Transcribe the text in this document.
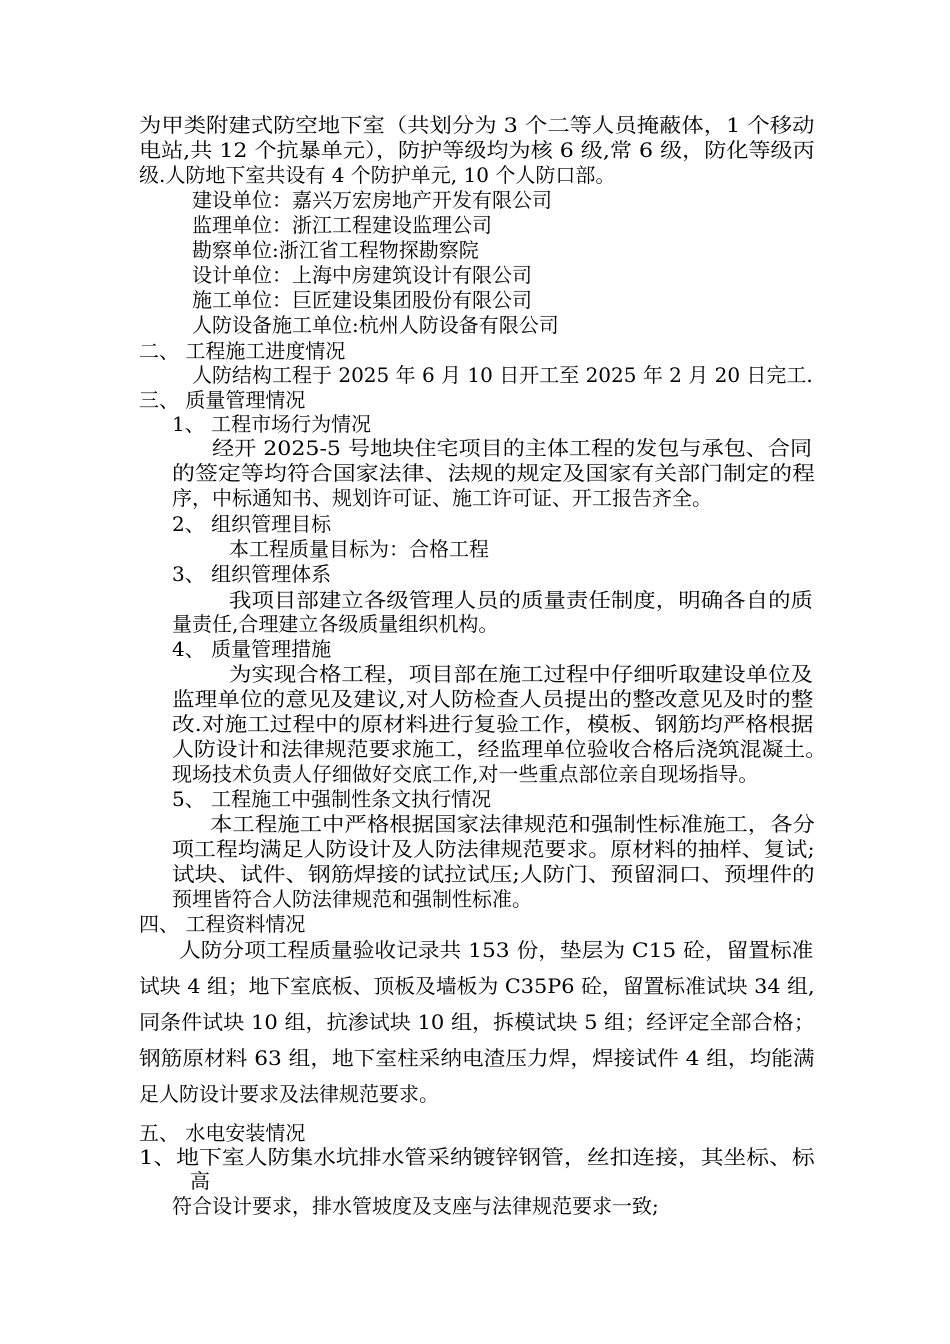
为甲类附建式防空地下室（共划分为 3 个二等人员掩蔽体，1 个移动
电站,共 12 个抗暴单元），防护等级均为核 6 级,常 6 级，防化等级丙
级.人防地下室共设有 4 个防护单元, 10 个人防口部。
建设单位：嘉兴万宏房地产开发有限公司
监理单位：浙江工程建设监理公司
勘察单位:浙江省工程物探勘察院
设计单位：上海中房建筑设计有限公司
施工单位：巨匠建设集团股份有限公司
人防设备施工单位:杭州人防设备有限公司
二、 工程施工进度情况
人防结构工程于 2025 年 6 月 10 日开工至 2025 年 2 月 20 日完工.
三、 质量管理情况
1、 工程市场行为情况
经开 2025-5 号地块住宅项目的主体工程的发包与承包、合同
的签定等均符合国家法律、法规的规定及国家有关部门制定的程
序，中标通知书、规划许可证、施工许可证、开工报告齐全。
2、 组织管理目标
本工程质量目标为：合格工程
3、 组织管理体系
我项目部建立各级管理人员的质量责任制度，明确各自的质
量责任,合理建立各级质量组织机构。
4、 质量管理措施
为实现合格工程，项目部在施工过程中仔细听取建设单位及
监理单位的意见及建议,对人防检查人员提出的整改意见及时的整
改.对施工过程中的原材料进行复验工作，模板、钢筋均严格根据
人防设计和法律规范要求施工，经监理单位验收合格后浇筑混凝土。
现场技术负责人仔细做好交底工作,对一些重点部位亲自现场指导。
5、 工程施工中强制性条文执行情况
本工程施工中严格根据国家法律规范和强制性标准施工，各分
项工程均满足人防设计及人防法律规范要求。原材料的抽样、复试;
试块、试件、钢筋焊接的试拉试压;人防门、预留洞口、预埋件的
预埋皆符合人防法律规范和强制性标准。
四、 工程资料情况
人防分项工程质量验收记录共 153 份，垫层为 C15 砼，留置标准
试块 4 组；地下室底板、顶板及墙板为 C35P6 砼，留置标准试块 34 组,
同条件试块 10 组，抗渗试块 10 组，拆模试块 5 组；经评定全部合格；
钢筋原材料 63 组，地下室柱采纳电渣压力焊，焊接试件 4 组，均能满
足人防设计要求及法律规范要求。
五、 水电安装情况
1、地下室人防集水坑排水管采纳镀锌钢管，丝扣连接，其坐标、标
高
符合设计要求，排水管坡度及支座与法律规范要求一致;
